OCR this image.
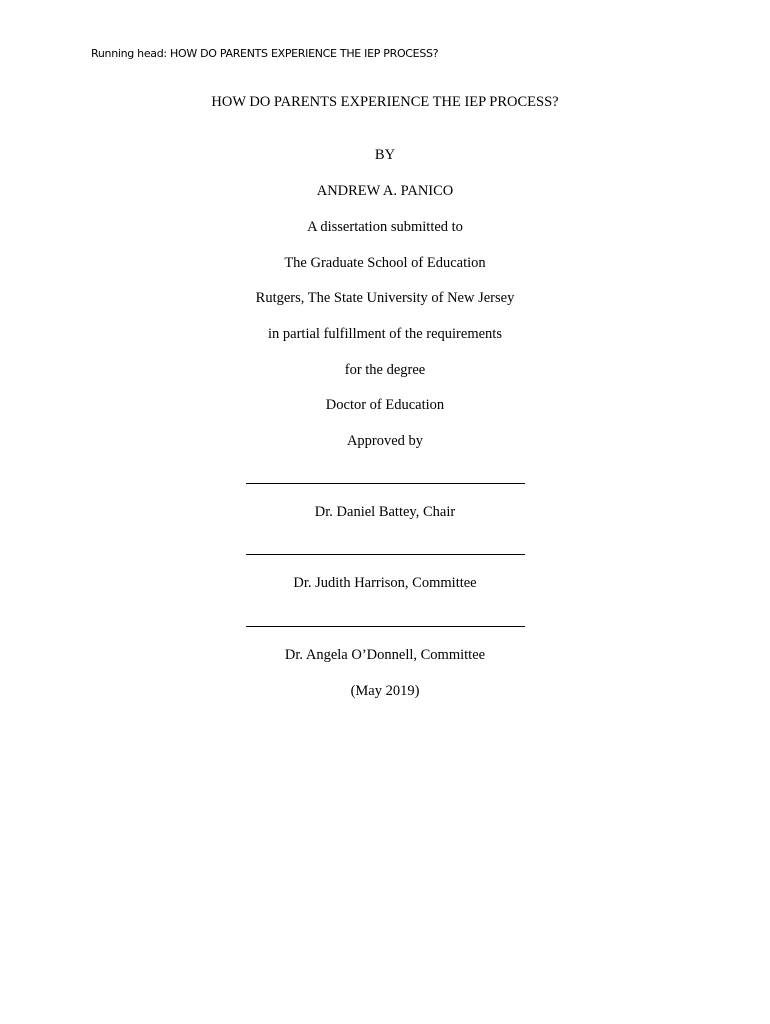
Running head: HOW DO PARENTS EXPERIENCE THE IEP PROCESS?
HOW DO PARENTS EXPERIENCE THE IEP PROCESS?
BY
ANDREW A. PANICO
A dissertation submitted to
The Graduate School of Education
Rutgers, The State University of New Jersey
in partial fulfillment of the requirements
for the degree
Doctor of Education
Approved by
Dr. Daniel Battey, Chair
Dr. Judith Harrison, Committee
Dr. Angela O’Donnell, Committee
(May 2019)
